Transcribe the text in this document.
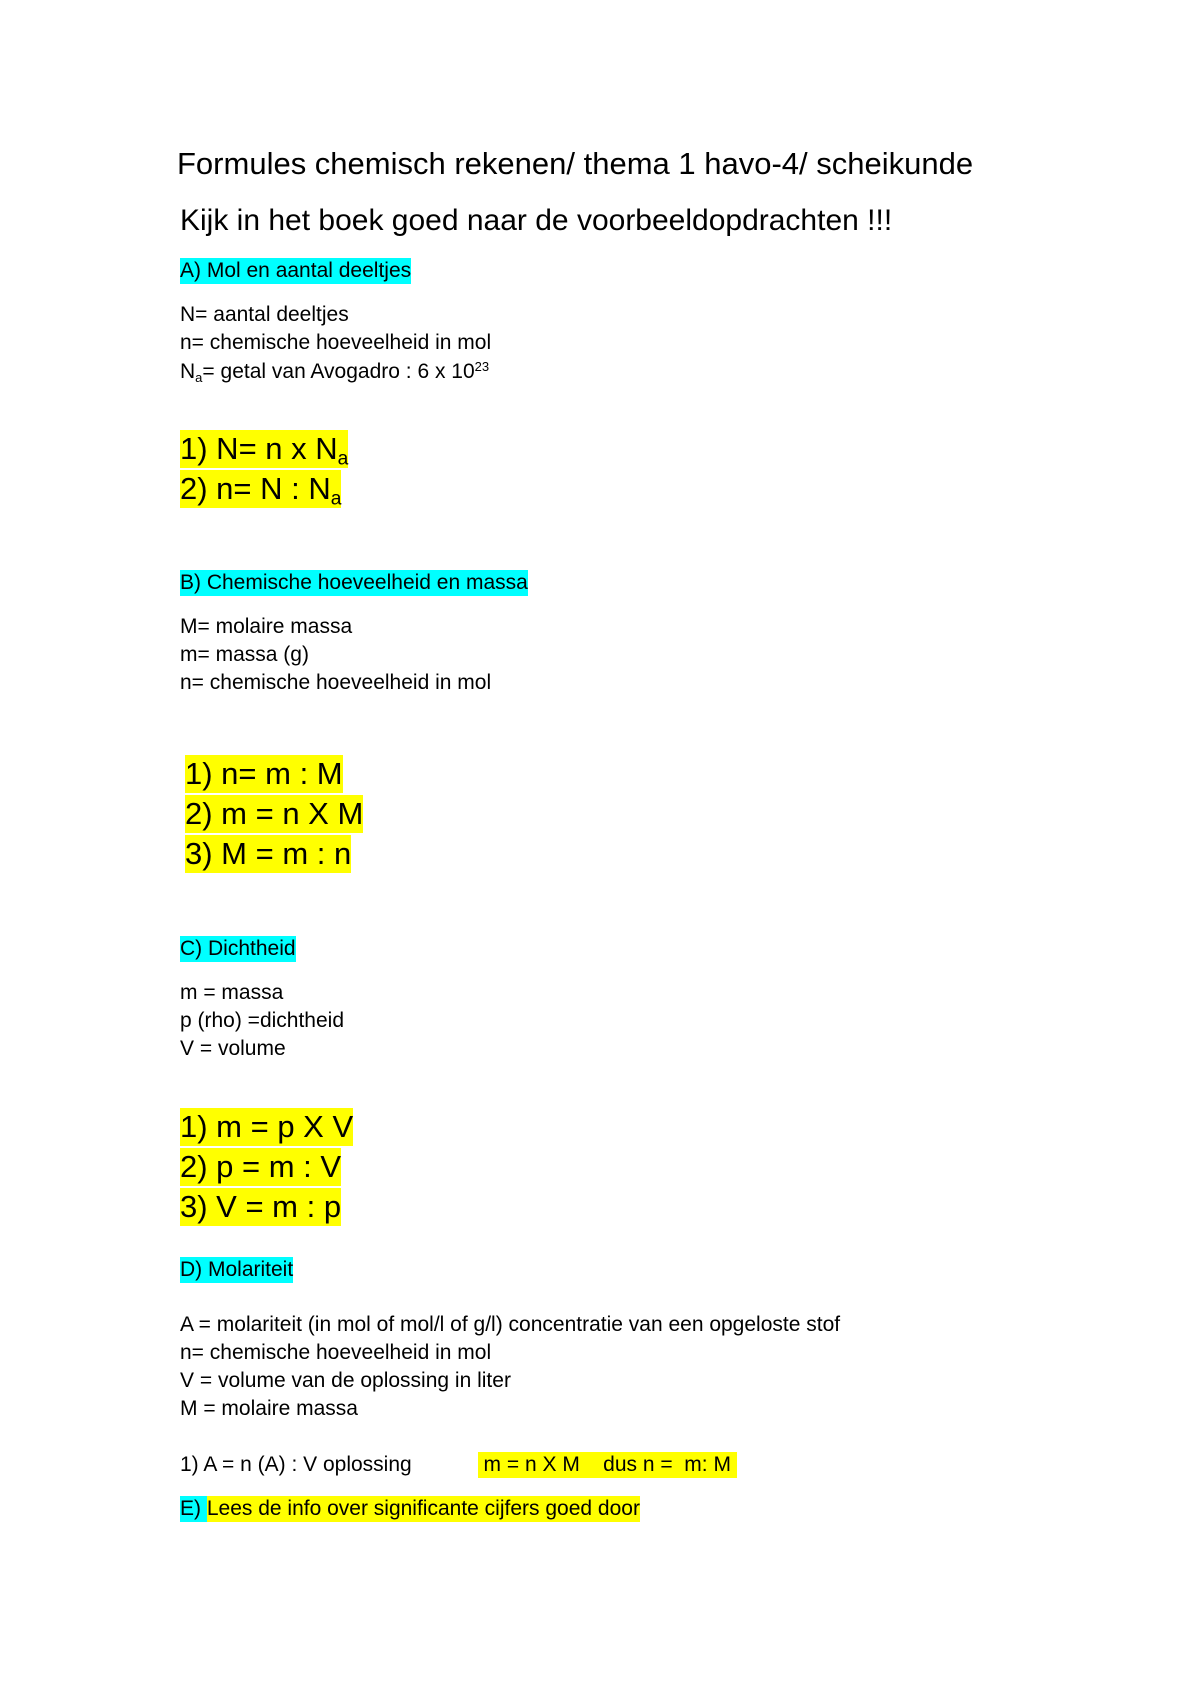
Formules chemisch rekenen/ thema 1 havo-4/ scheikunde
Kijk in het boek goed naar de voorbeeldopdrachten !!!
A) Mol en aantal deeltjes
N= aantal deeltjes
n= chemische hoeveelheid in mol
$N_a=$ getal van Avogadro : 6 x $10^{23}$
1) N= n x $N_a$
2) n= N : $N_a$
B) Chemische hoeveelheid en massa
M= molaire massa
m= massa (g)
n= chemische hoeveelheid in mol
1) n= m : M
2) m = n X M
3) M = m : n
C) Dichtheid
m = massa
p (rho) =dichtheid
V = volume
1) m = p X V
2) p = m : V
3) V = m : p
D) Molariteit
A = molariteit (in mol of mol/l of g/l) concentratie van een opgeloste stof
n= chemische hoeveelheid in mol
V = volume van de oplossing in liter
M = molaire massa
1) A = n (A) : V oplossing	m = n X M    dus n =  m: M
E) Lees de info over significante cijfers goed door
